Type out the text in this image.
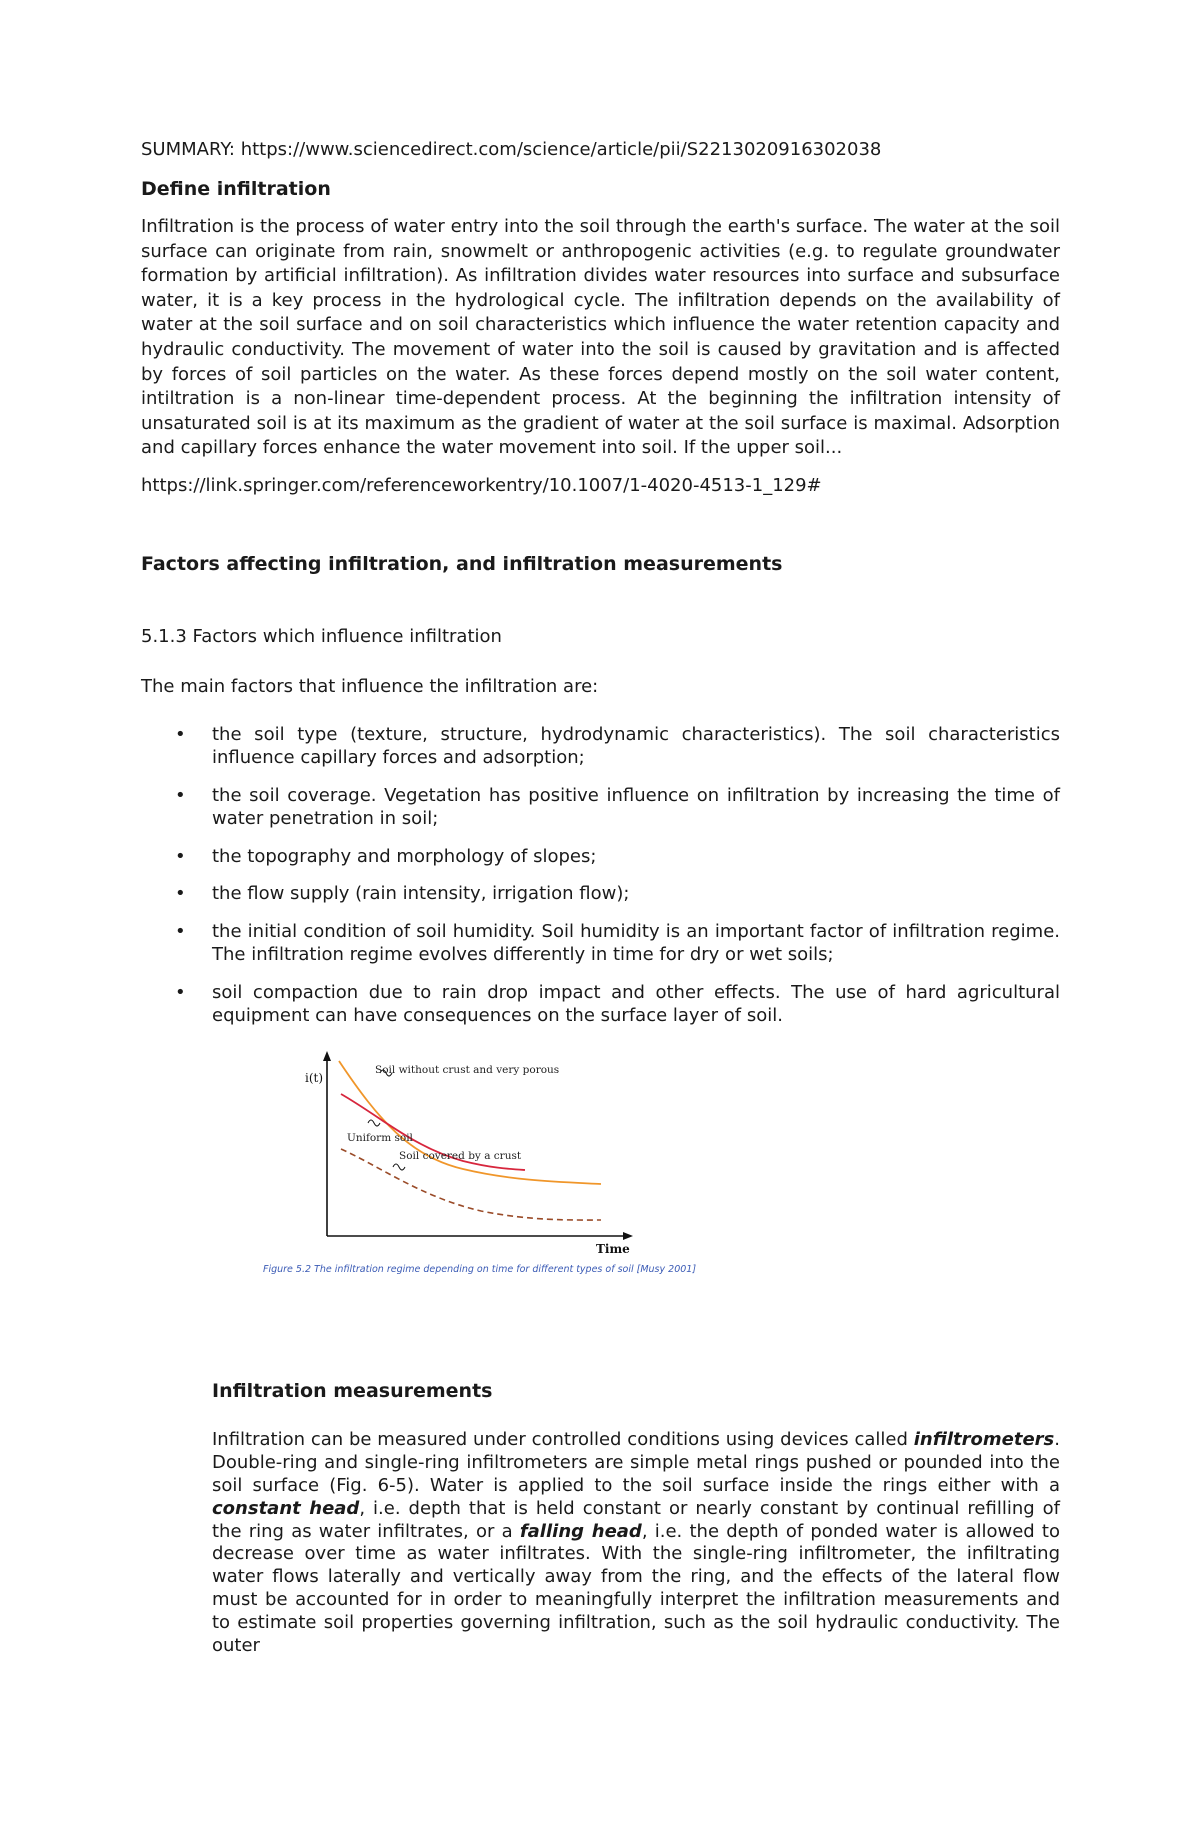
SUMMARY: https://www.sciencedirect.com/science/article/pii/S2213020916302038

Define infiltration

Infiltration is the process of water entry into the soil through the earth's surface. The water at the soil surface can originate from rain, snowmelt or anthropogenic activities (e.g. to regulate groundwater formation by artificial infiltration). As infiltration divides water resources into surface and subsurface water, it is a key process in the hydrological cycle. The infiltration depends on the availability of water at the soil surface and on soil characteristics which influence the water retention capacity and hydraulic conductivity. The movement of water into the soil is caused by gravitation and is affected by forces of soil particles on the water. As these forces depend mostly on the soil water content, intiltration is a non-linear time-dependent process. At the beginning the infiltration intensity of unsaturated soil is at its maximum as the gradient of water at the soil surface is maximal. Adsorption and capillary forces enhance the water movement into soil. If the upper soil...

https://link.springer.com/referenceworkentry/10.1007/1-4020-4513-1_129#

Factors affecting infiltration, and infiltration measurements

5.1.3 Factors which influence infiltration

The main factors that influence the infiltration are:

• the soil type (texture, structure, hydrodynamic characteristics). The soil characteristics influence capillary forces and adsorption;
• the soil coverage. Vegetation has positive influence on infiltration by increasing the time of water penetration in soil;
• the topography and morphology of slopes;
• the flow supply (rain intensity, irrigation flow);
• the initial condition of soil humidity. Soil humidity is an important factor of infiltration regime. The infiltration regime evolves differently in time for dry or wet soils;
• soil compaction due to rain drop impact and other effects. The use of hard agricultural equipment can have consequences on the surface layer of soil.
i(t)
Time
Soil without crust and very porous
Uniform soil
Soil covered by a crust
Figure 5.2 The infiltration regime depending on time for different types of soil [Musy 2001]

Infiltration measurements

Infiltration can be measured under controlled conditions using devices called infiltrometers. Double-ring and single-ring infiltrometers are simple metal rings pushed or pounded into the soil surface (Fig. 6-5). Water is applied to the soil surface inside the rings either with a constant head, i.e. depth that is held constant or nearly constant by continual refilling of the ring as water infiltrates, or a falling head, i.e. the depth of ponded water is allowed to decrease over time as water infiltrates. With the single-ring infiltrometer, the infiltrating water flows laterally and vertically away from the ring, and the effects of the lateral flow must be accounted for in order to meaningfully interpret the infiltration measurements and to estimate soil properties governing infiltration, such as the soil hydraulic conductivity. The outer
